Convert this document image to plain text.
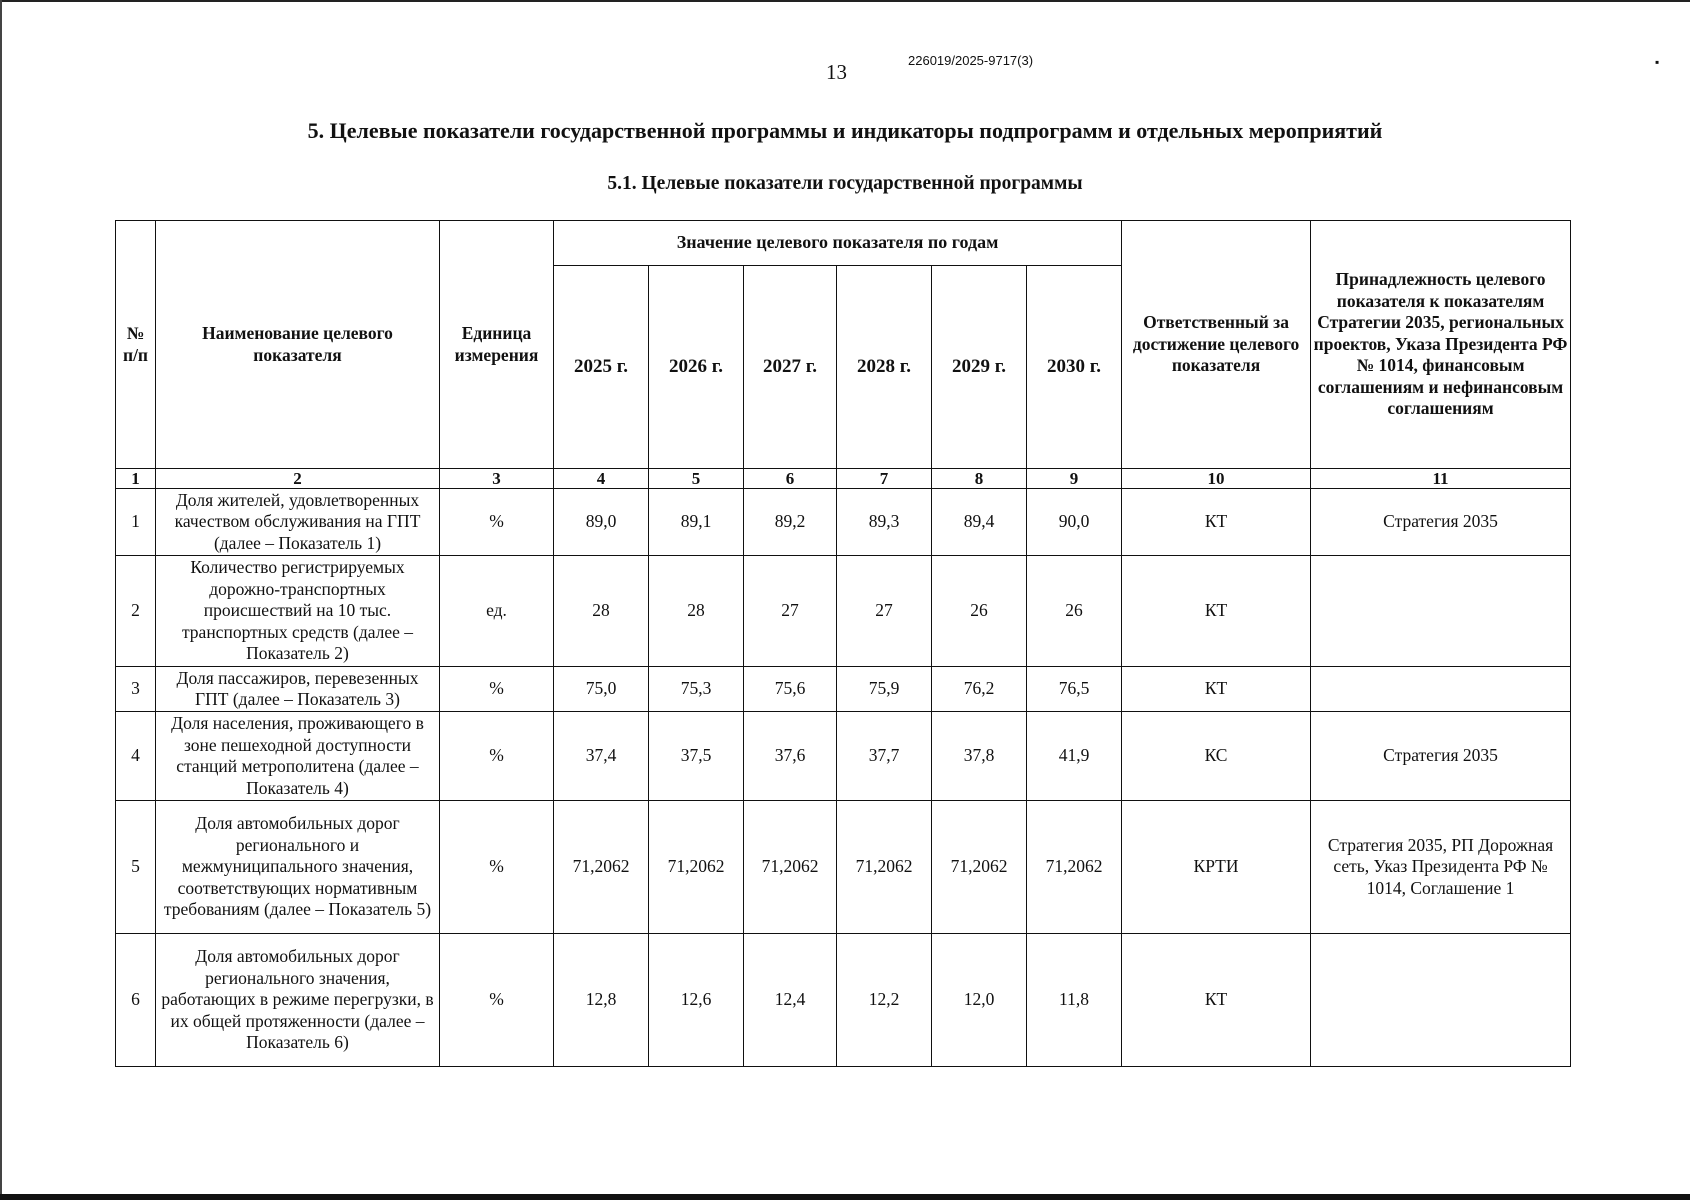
▪
13	226019/2025-9717(3)
5. Целевые показатели государственной программы и индикаторы подпрограмм и отдельных мероприятий
5.1. Целевые показатели государственной программы
№ п/п	Наименование целевого показателя	Единица измерения	Значение целевого показателя по годам						Ответственный за достижение целевого показателя	Принадлежность целевого показателя к показателям Стратегии 2035, региональных проектов, Указа Президента РФ № 1014, финансовым соглашениям и нефинансовым соглашениям
			2025 г.	2026 г.	2027 г.	2028 г.	2029 г.	2030 г.		
1	2	3	4	5	6	7	8	9	10	11
1	Доля жителей, удовлетворенных качеством обслуживания на ГПТ (далее – Показатель 1)	%	89,0	89,1	89,2	89,3	89,4	90,0	КТ	Стратегия 2035
2	Количество регистрируемых дорожно-транспортных происшествий на 10 тыс. транспортных средств (далее – Показатель 2)	ед.	28	28	27	27	26	26	КТ	
3	Доля пассажиров, перевезенных ГПТ (далее – Показатель 3)	%	75,0	75,3	75,6	75,9	76,2	76,5	КТ	
4	Доля населения, проживающего в зоне пешеходной доступности станций метрополитена (далее – Показатель 4)	%	37,4	37,5	37,6	37,7	37,8	41,9	КС	Стратегия 2035
5	Доля автомобильных дорог регионального и межмуниципального значения, соответствующих нормативным требованиям (далее – Показатель 5)	%	71,2062	71,2062	71,2062	71,2062	71,2062	71,2062	КРТИ	Стратегия 2035, РП Дорожная сеть, Указ Президента РФ № 1014, Соглашение 1
6	Доля автомобильных дорог регионального значения, работающих в режиме перегрузки, в их общей протяженности (далее – Показатель 6)	%	12,8	12,6	12,4	12,2	12,0	11,8	КТ	
